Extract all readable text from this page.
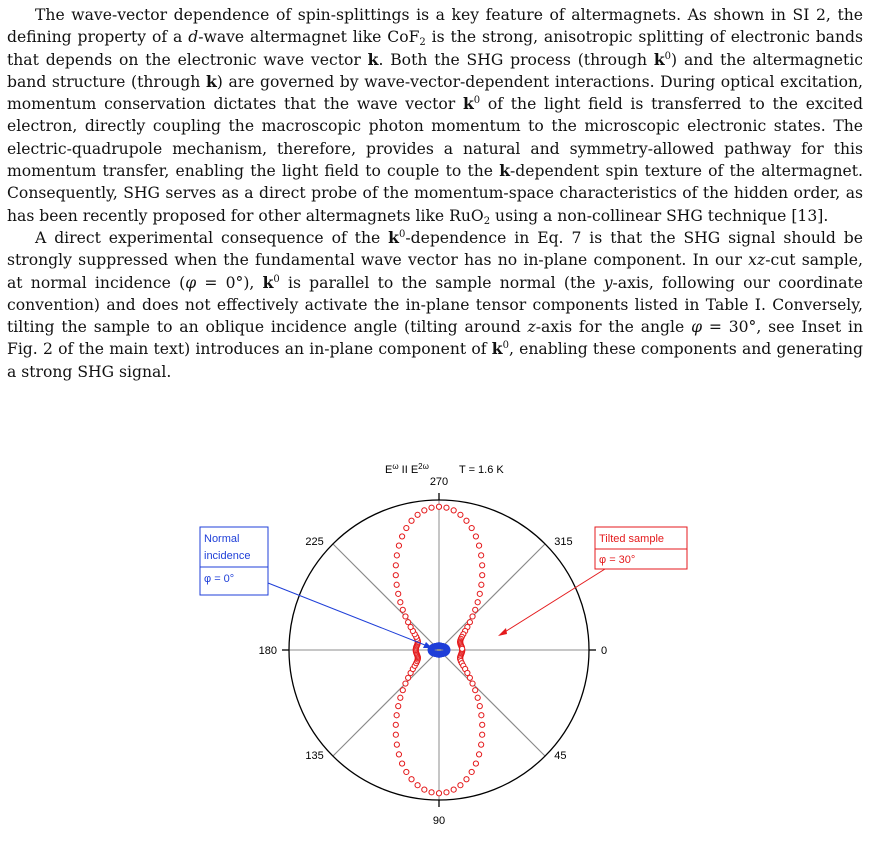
The wave-vector dependence of spin-splittings is a key feature of altermagnets. As shown in SI 2, the defining property of a d-wave altermagnet like CoF$_2$ is the strong, anisotropic splitting of electronic bands that depends on the electronic wave vector k. Both the SHG process (through $k^0$) and the altermagnetic band structure (through k) are governed by wave-vector-dependent interactions. During optical excitation, momentum conservation dictates that the wave vector $k^0$ of the light field is transferred to the excited electron, directly coupling the macroscopic photon momentum to the microscopic electronic states. The electric-quadrupole mechanism, therefore, provides a natural and symmetry-allowed pathway for this momentum transfer, enabling the light field to couple to the k-dependent spin texture of the altermagnet. Consequently, SHG serves as a direct probe of the momentum-space characteristics of the hidden order, as has been recently proposed for other altermagnets like RuO$_2$ using a non-collinear SHG technique [13].

A direct experimental consequence of the $k^0$-dependence in Eq. 7 is that the SHG signal should be strongly suppressed when the fundamental wave vector has no in-plane component. In our xz-cut sample, at normal incidence (φ = 0°), $k^0$ is parallel to the sample normal (the y-axis, following our coordinate convention) and does not effectively activate the in-plane tensor components listed in Table I. Conversely, tilting the sample to an oblique incidence angle (tilting around z-axis for the angle φ = 30°, see Inset in Fig. 2 of the main text) introduces an in-plane component of $k^0$, enabling these components and generating a strong SHG signal.

0
45
90
135
180
225
270
315
$E^\omega$ II $E^{2\omega}$	T = 1.6 K
Tilted sample
φ = 30°
Normal
incidence
φ = 0°
